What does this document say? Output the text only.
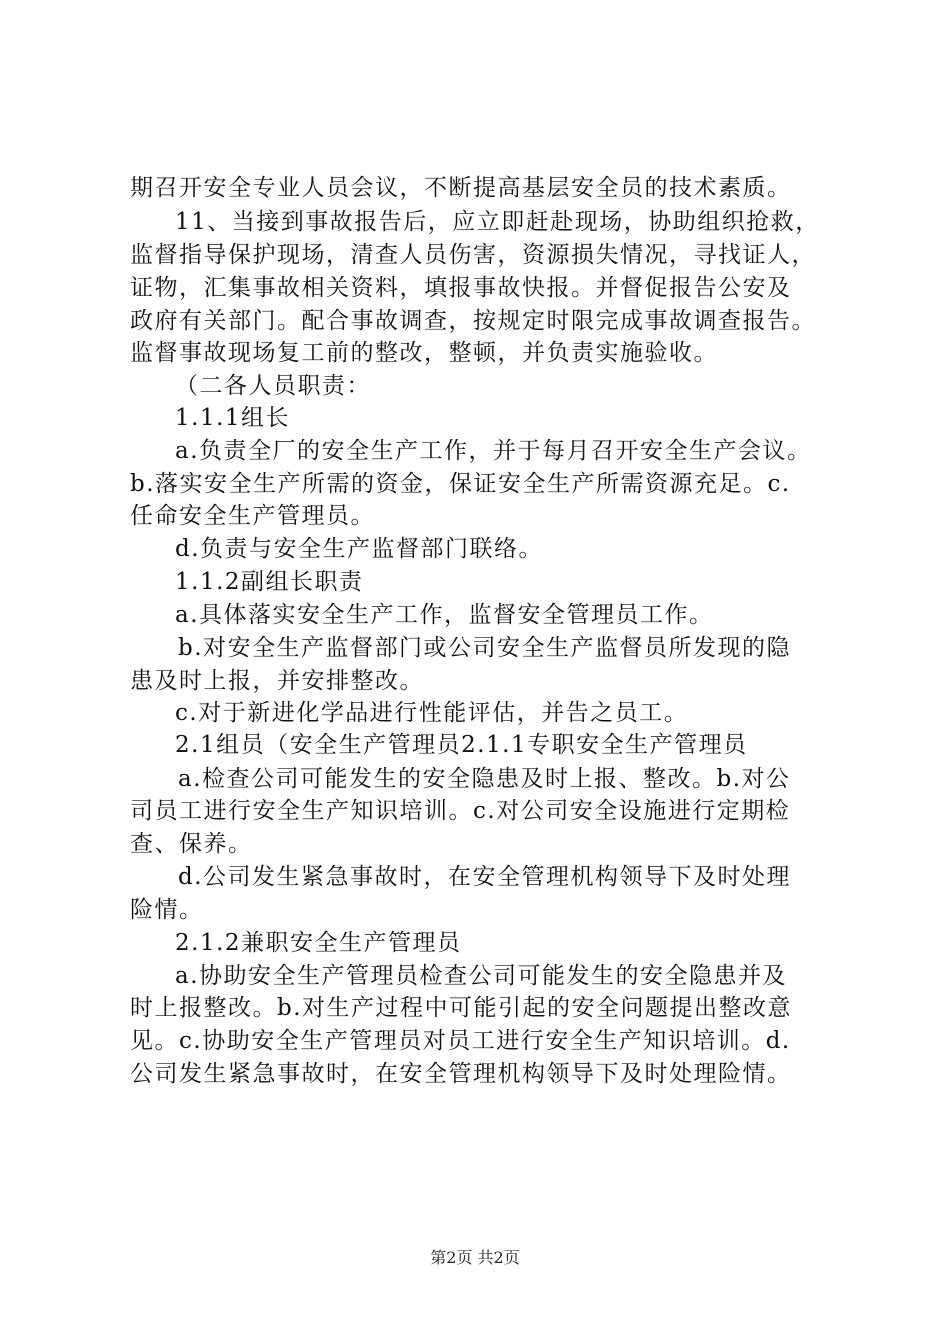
期召开安全专业人员会议，不断提高基层安全员的技术素质。
11、当接到事故报告后，应立即赶赴现场，协助组织抢救，
监督指导保护现场，清查人员伤害，资源损失情况，寻找证人，
证物，汇集事故相关资料，填报事故快报。并督促报告公安及
政府有关部门。配合事故调查，按规定时限完成事故调查报告。
监督事故现场复工前的整改，整顿，并负责实施验收。
（二各人员职责：
1.1.1组长
a.负责全厂的安全生产工作，并于每月召开安全生产会议。
b.落实安全生产所需的资金，保证安全生产所需资源充足。c.
任命安全生产管理员。
d.负责与安全生产监督部门联络。
1.1.2副组长职责
a.具体落实安全生产工作，监督安全管理员工作。
b.对安全生产监督部门或公司安全生产监督员所发现的隐
患及时上报，并安排整改。
c.对于新进化学品进行性能评估，并告之员工。
2.1组员（安全生产管理员2.1.1专职安全生产管理员
a.检查公司可能发生的安全隐患及时上报、整改。b.对公
司员工进行安全生产知识培训。c.对公司安全设施进行定期检
查、保养。
d.公司发生紧急事故时，在安全管理机构领导下及时处理
险情。
2.1.2兼职安全生产管理员
a.协助安全生产管理员检查公司可能发生的安全隐患并及
时上报整改。b.对生产过程中可能引起的安全问题提出整改意
见。c.协助安全生产管理员对员工进行安全生产知识培训。d.
公司发生紧急事故时，在安全管理机构领导下及时处理险情。
第2页 共2页
